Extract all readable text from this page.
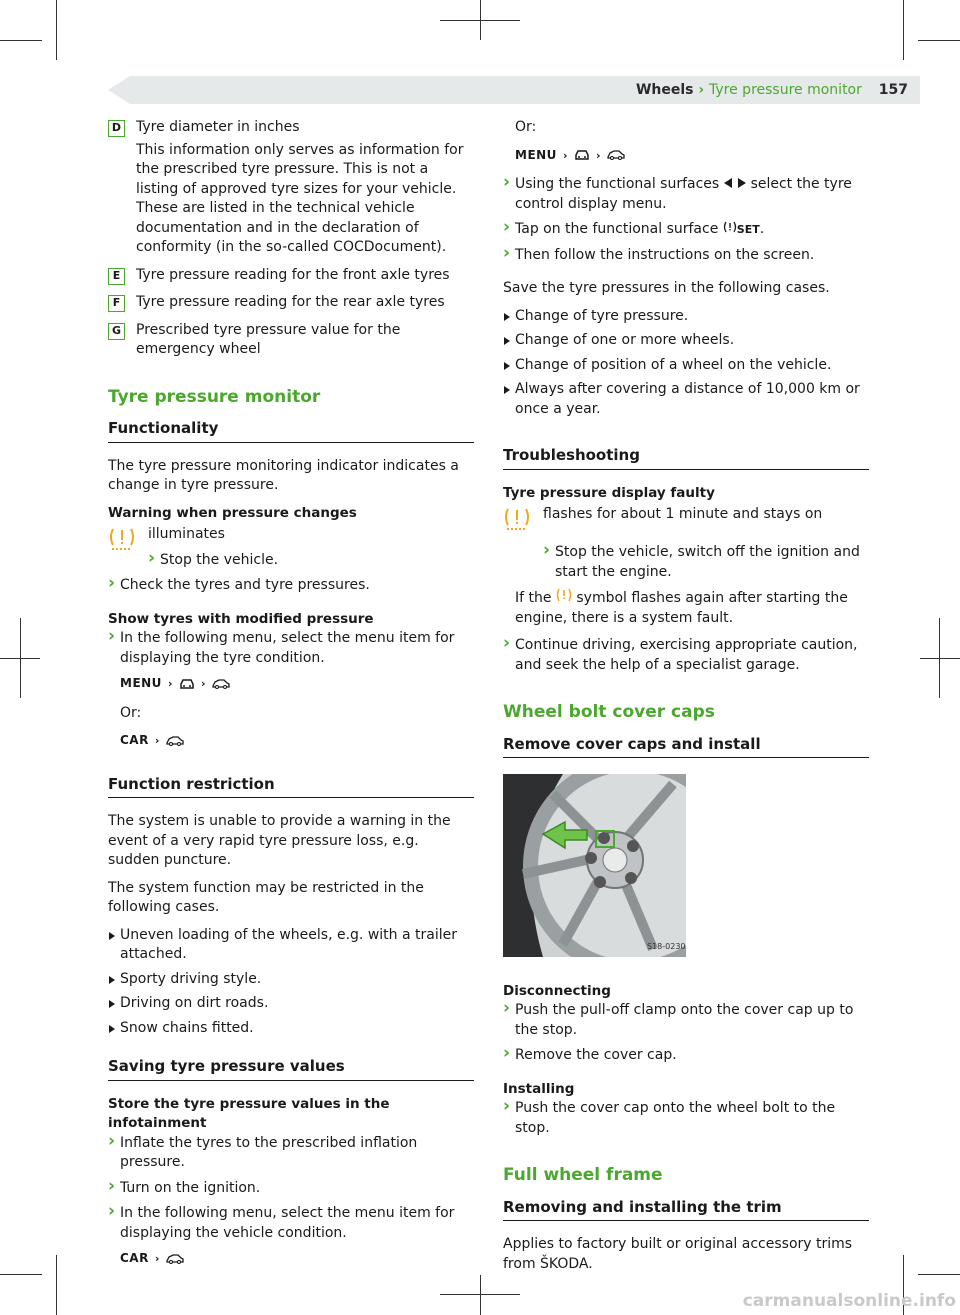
Wheels › Tyre pressure monitor 157
D Tyre diameter in inches

This information only serves as information for the prescribed tyre pressure. This is not a listing of approved tyre sizes for your vehicle. These are listed in the technical vehicle documentation and in the declaration of conformity (in the so-called COCDocument).

E	Tyre pressure reading for the front axle tyres

F	Tyre pressure reading for the rear axle tyres

G Prescribed tyre pressure value for the emergency wheel

Tyre pressure monitor
Functionality

The tyre pressure monitoring indicator indicates a change in tyre pressure.

Warning when pressure changes

illuminates

› Stop the vehicle.
› Check the tyres and tyre pressures.
Show tyres with modified pressure
› In the following menu, select the menu item for displaying the tyre condition.
MENU ›	›

Or:

CAR ›
Function restriction

The system is unable to provide a warning in the event of a very rapid tyre pressure loss, e.g. sudden puncture.

The system function may be restricted in the following cases.

Uneven loading of the wheels, e.g. with a trailer attached.
Sporty driving style.
Driving on dirt roads.
Snow chains fitted.
Saving tyre pressure values
Store the tyre pressure values in the infotainment
› Inflate the tyres to the prescribed inflation pressure.
› Turn on the ignition.
› In the following menu, select the menu item for displaying the vehicle condition.
CAR ›

Or:

MENU ›	›
› Using the functional surfaces select the tyre control display menu.
› Tap on the functional surface SET.
› Then follow the instructions on the screen.

Save the tyre pressures in the following cases.

Change of tyre pressure.
Change of one or more wheels.
Change of position of a wheel on the vehicle.
Always after covering a distance of 10,000 km or once a year.
Troubleshooting
Tyre pressure display faulty

flashes for about 1 minute and stays on

› Stop the vehicle, switch off the ignition and start the engine.

If the symbol flashes again after starting the engine, there is a system fault.

› Continue driving, exercising appropriate caution, and seek the help of a specialist garage.
Wheel bolt cover caps
Remove cover caps and install
S18-0230
Disconnecting
› Push the pull-off clamp onto the cover cap up to the stop.
› Remove the cover cap.
Installing
› Push the cover cap onto the wheel bolt to the stop.
Full wheel frame
Removing and installing the trim

Applies to factory built or original accessory trims from ŠKODA.

carmanualsonline.info
